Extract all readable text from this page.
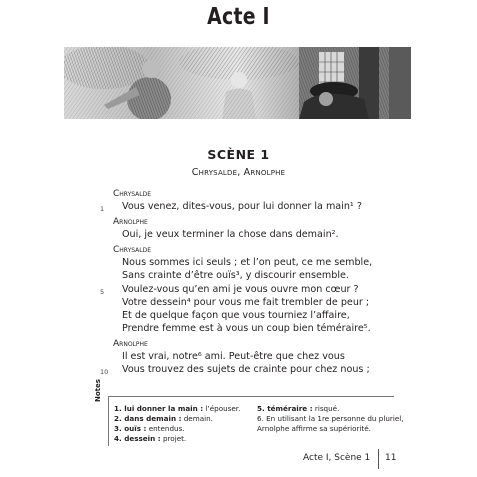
Acte I
SCÈNE 1
Chrysalde, Arnolphe
Chrysalde
1 Vous venez, dites-vous, pour lui donner la main¹ ?
Arnolphe
Oui, je veux terminer la chose dans demain².
Chrysalde
Nous sommes ici seuls ; et l’on peut, ce me semble,
Sans crainte d’être ouïs³, y discourir ensemble.
5 Voulez-vous qu’en ami je vous ouvre mon cœur ?
Votre dessein⁴ pour vous me fait trembler de peur ;
Et de quelque façon que vous tourniez l’affaire,
Prendre femme est à vous un coup bien téméraire⁵.
Arnolphe
Il est vrai, notre⁶ ami. Peut-être que chez vous
10 Vous trouvez des sujets de crainte pour chez nous ;
Notes
1. lui donner la main : l’épouser.
2. dans demain : demain.
3. ouïs : entendus.
4. dessein : projet.
5. téméraire : risqué.
6. En utilisant la 1re personne du pluriel,
Arnolphe affirme sa supériorité.
Acte I, Scène 1 11
